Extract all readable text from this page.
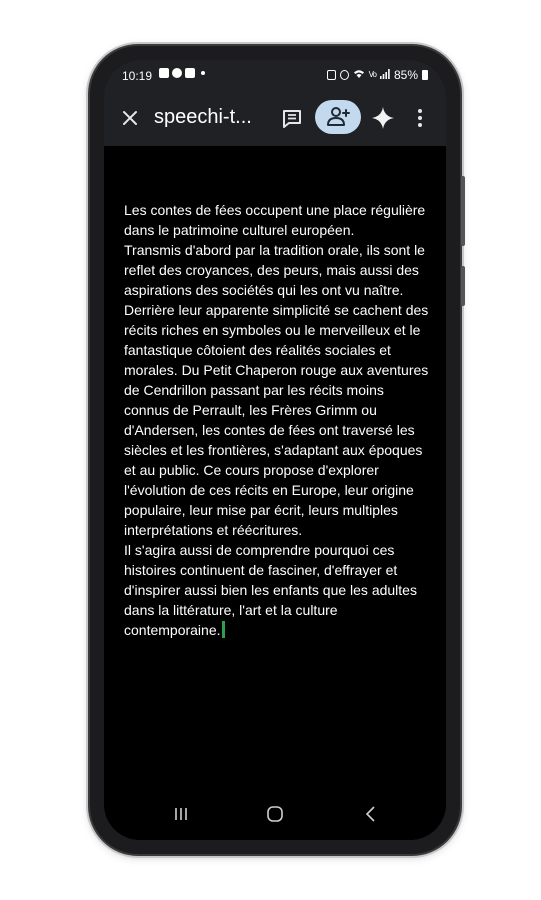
10:19	Vo 85%
speechi-t...

Les contes de fées occupent une place régulière dans le patrimoine culturel européen.

Transmis d'abord par la tradition orale, ils sont le reflet des croyances, des peurs, mais aussi des aspirations des sociétés qui les ont vu naître.

Derrière leur apparente simplicité se cachent des récits riches en symboles ou le merveilleux et le fantastique côtoient des réalités sociales et morales. Du Petit Chaperon rouge aux aventures de Cendrillon passant par les récits moins connus de Perrault, les Frères Grimm ou d'Andersen, les contes de fées ont traversé les siècles et les frontières, s'adaptant aux époques et au public. Ce cours propose d'explorer l'évolution de ces récits en Europe, leur origine populaire, leur mise par écrit, leurs multiples interprétations et réécritures.

Il s'agira aussi de comprendre pourquoi ces histoires continuent de fasciner, d'effrayer et d'inspirer aussi bien les enfants que les adultes dans la littérature, l'art et la culture contemporaine.
